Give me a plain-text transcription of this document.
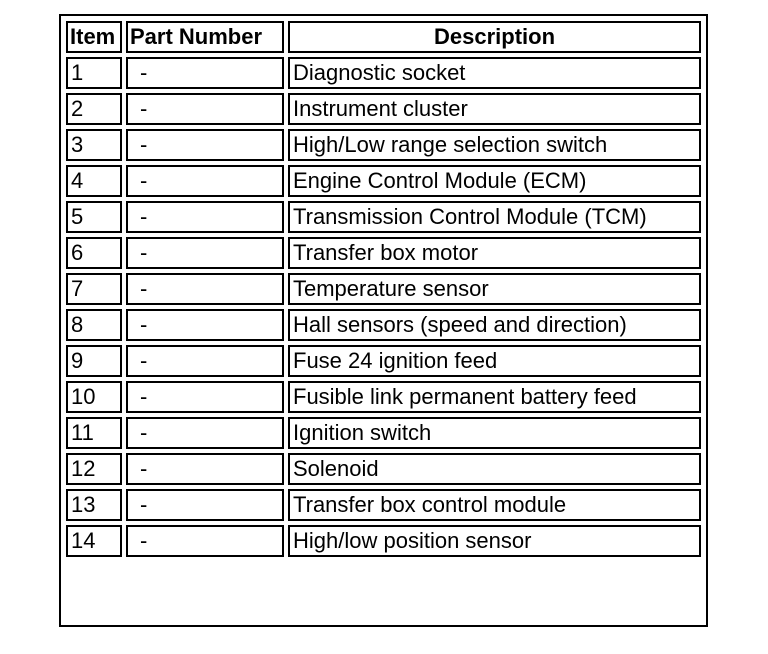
Item	Part Number	Description
1	-	Diagnostic socket
2	-	Instrument cluster
3	-	High/Low range selection switch
4	-	Engine Control Module (ECM)
5	-	Transmission Control Module (TCM)
6	-	Transfer box motor
7	-	Temperature sensor
8	-	Hall sensors (speed and direction)
9	-	Fuse 24 ignition feed
10	-	Fusible link permanent battery feed
11	-	Ignition switch
12	-	Solenoid
13	-	Transfer box control module
14	-	High/low position sensor
